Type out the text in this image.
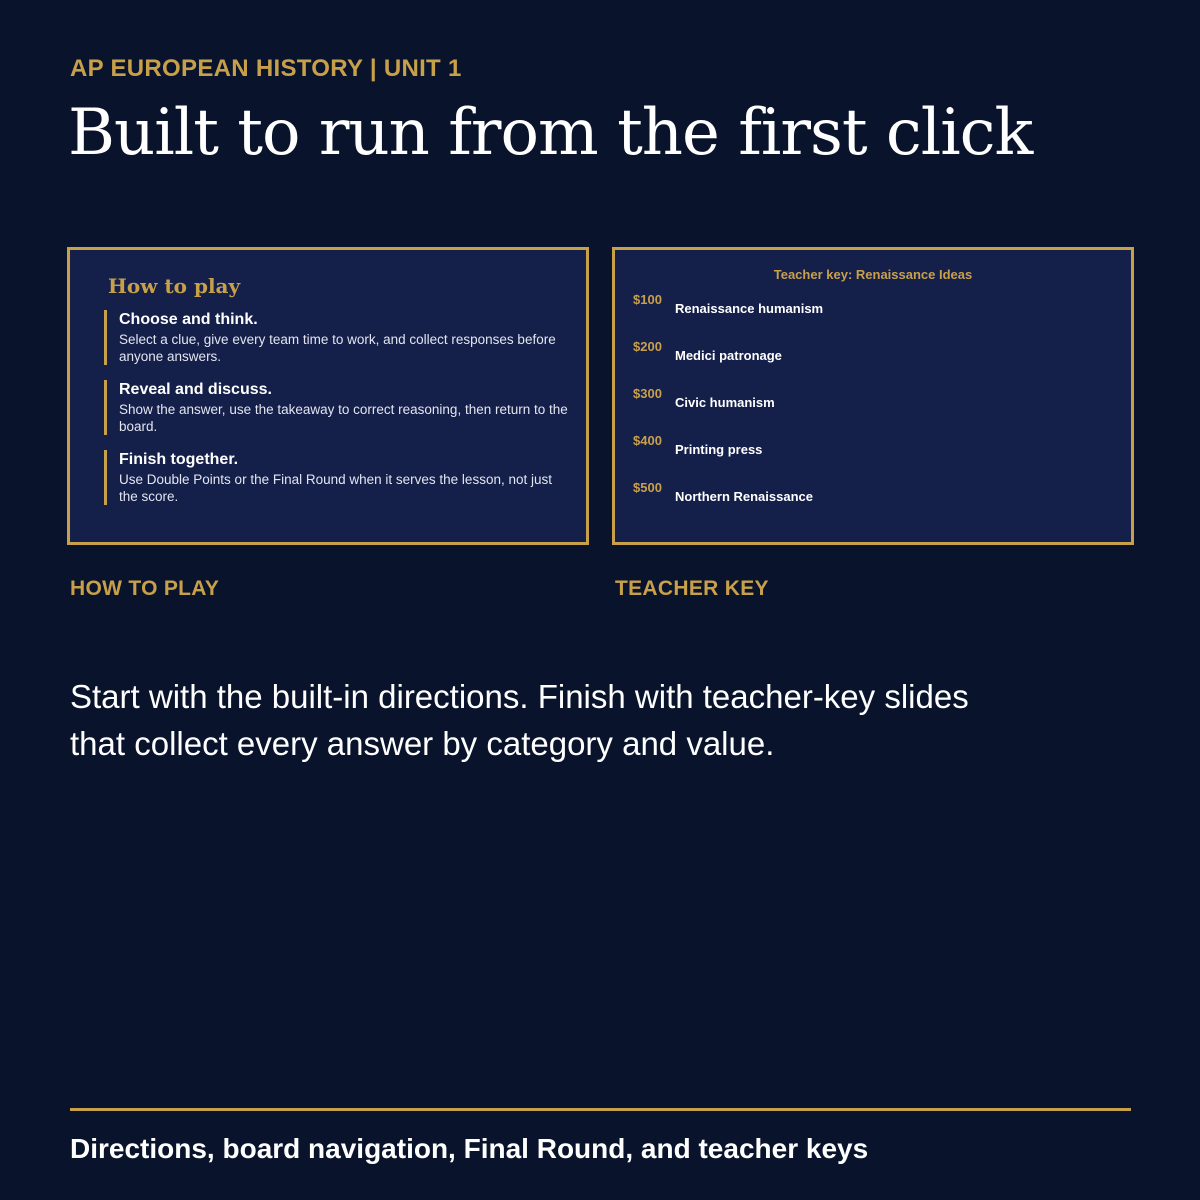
AP EUROPEAN HISTORY | UNIT 1
Built to run from the first click
How to play
Choose and think.
Select a clue, give every team time to work, and collect responses before anyone answers.
Reveal and discuss.
Show the answer, use the takeaway to correct reasoning, then return to the board.
Finish together.
Use Double Points or the Final Round when it serves the lesson, not just the score.
Teacher key: Renaissance Ideas
$100
Renaissance humanism
$200
Medici patronage
$300
Civic humanism
$400
Printing press
$500
Northern Renaissance
HOW TO PLAY	TEACHER KEY
Start with the built-in directions. Finish with teacher-key slides that collect every answer by category and value.
Directions, board navigation, Final Round, and teacher keys
